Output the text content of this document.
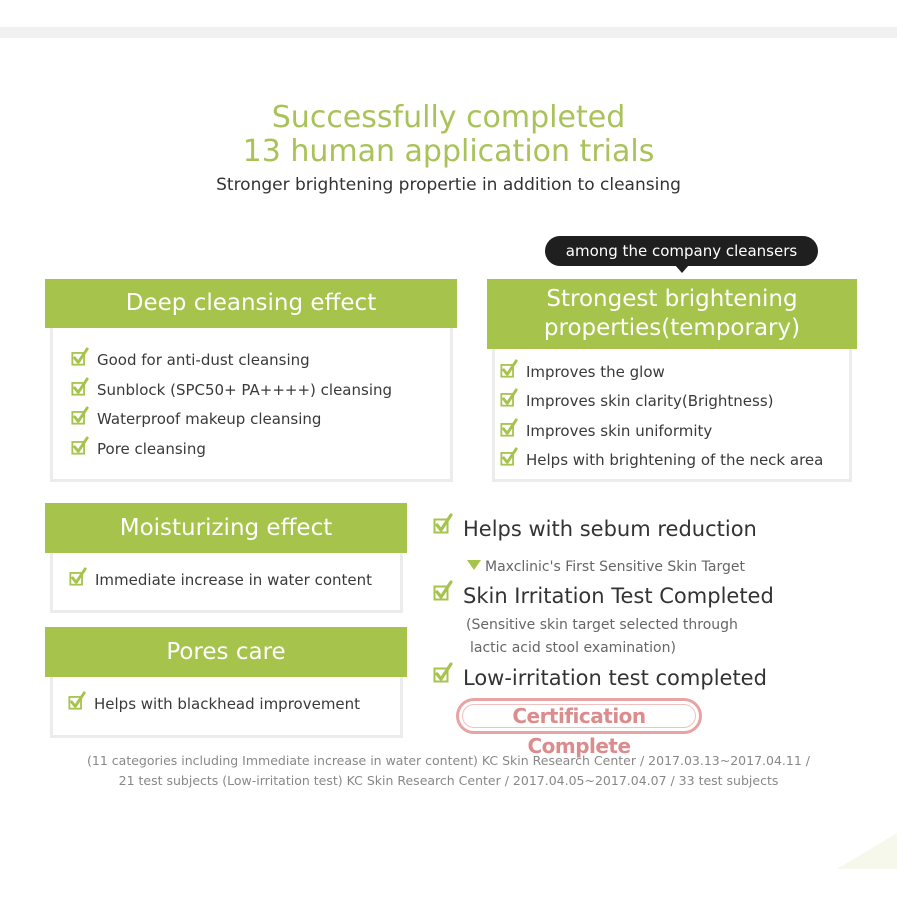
Successfully completed
13 human application trials
Stronger brightening propertie in addition to cleansing
among the company cleansers
Deep cleansing effect
Good for anti-dust cleansing
Sunblock (SPC50+ PA++++) cleansing
Waterproof makeup cleansing
Pore cleansing
Strongest brightening
properties(temporary)
Improves the glow
Improves skin clarity(Brightness)
Improves skin uniformity
Helps with brightening of the neck area
Moisturizing effect
Immediate increase in water content
Pores care
Helps with blackhead improvement
Helps with sebum reduction
Maxclinic's First Sensitive Skin Target
Skin Irritation Test Completed
(Sensitive skin target selected through
lactic acid stool examination)
Low-irritation test completed
Certification Complete
(11 categories including Immediate increase in water content) KC Skin Research Center / 2017.03.13~2017.04.11 /
21 test subjects (Low-irritation test) KC Skin Research Center / 2017.04.05~2017.04.07 / 33 test subjects
